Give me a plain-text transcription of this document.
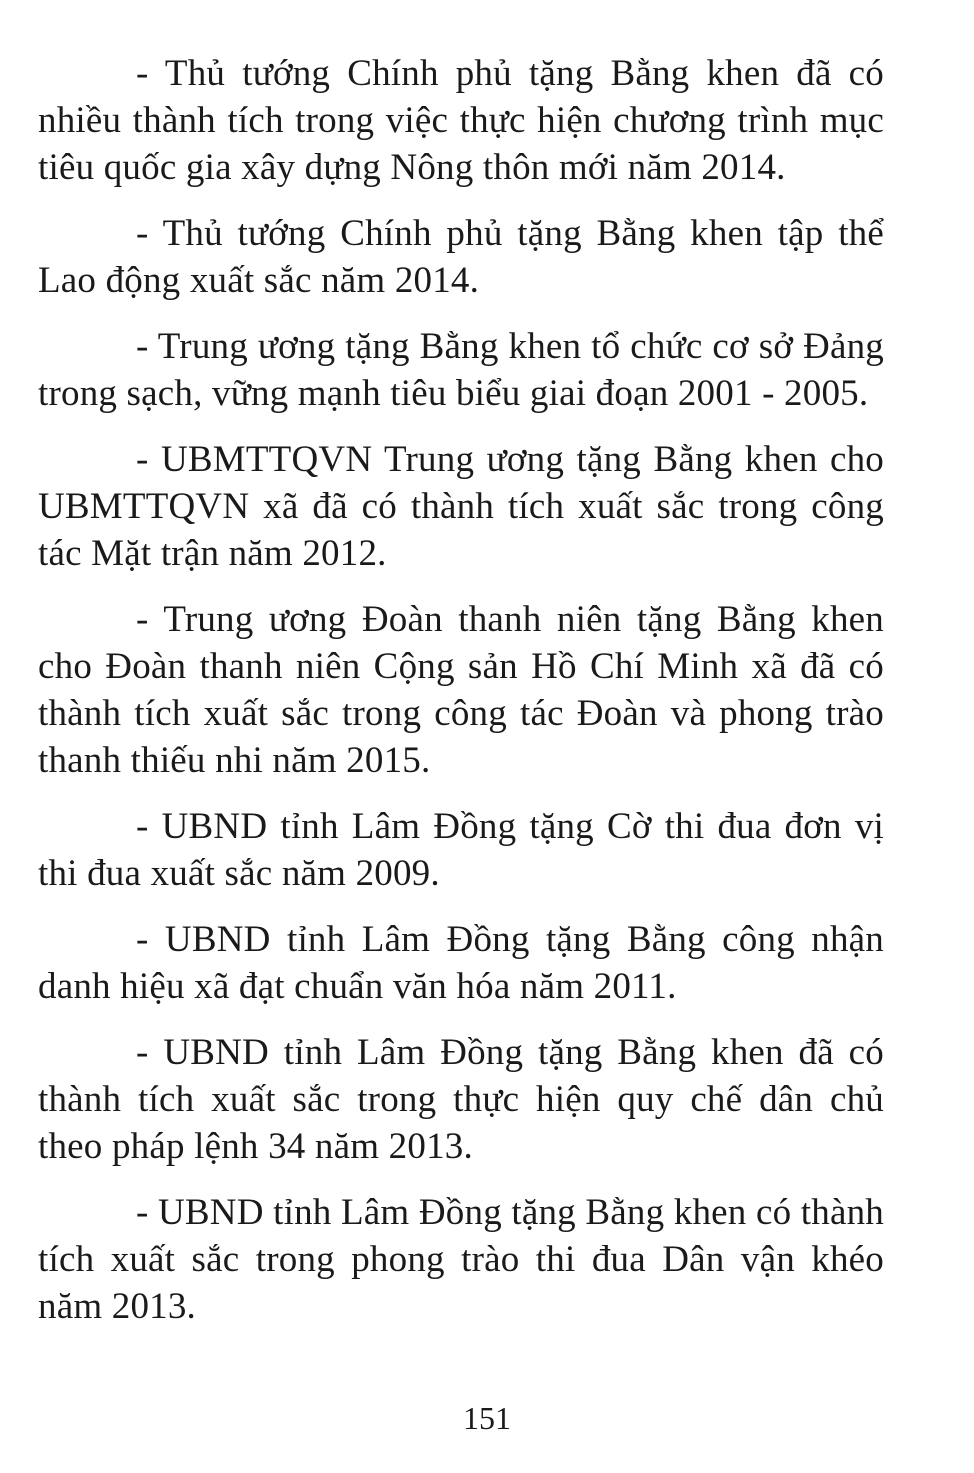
- Thủ tướng Chính phủ tặng Bằng khen đã có nhiều thành tích trong việc thực hiện chương trình mục tiêu quốc gia xây dựng Nông thôn mới năm 2014.

- Thủ tướng Chính phủ tặng Bằng khen tập thể Lao động xuất sắc năm 2014.

- Trung ương tặng Bằng khen tổ chức cơ sở Đảng trong sạch, vững mạnh tiêu biểu giai đoạn 2001 - 2005.

- UBMTTQVN Trung ương tặng Bằng khen cho UBMTTQVN xã đã có thành tích xuất sắc trong công tác Mặt trận năm 2012.

- Trung ương Đoàn thanh niên tặng Bằng khen cho Đoàn thanh niên Cộng sản Hồ Chí Minh xã đã có thành tích xuất sắc trong công tác Đoàn và phong trào thanh thiếu nhi năm 2015.

- UBND tỉnh Lâm Đồng tặng Cờ thi đua đơn vị thi đua xuất sắc năm 2009.

- UBND tỉnh Lâm Đồng tặng Bằng công nhận danh hiệu xã đạt chuẩn văn hóa năm 2011.

- UBND tỉnh Lâm Đồng tặng Bằng khen đã có thành tích xuất sắc trong thực hiện quy chế dân chủ theo pháp lệnh 34 năm 2013.

- UBND tỉnh Lâm Đồng tặng Bằng khen có thành tích xuất sắc trong phong trào thi đua Dân vận khéo năm 2013.

151
